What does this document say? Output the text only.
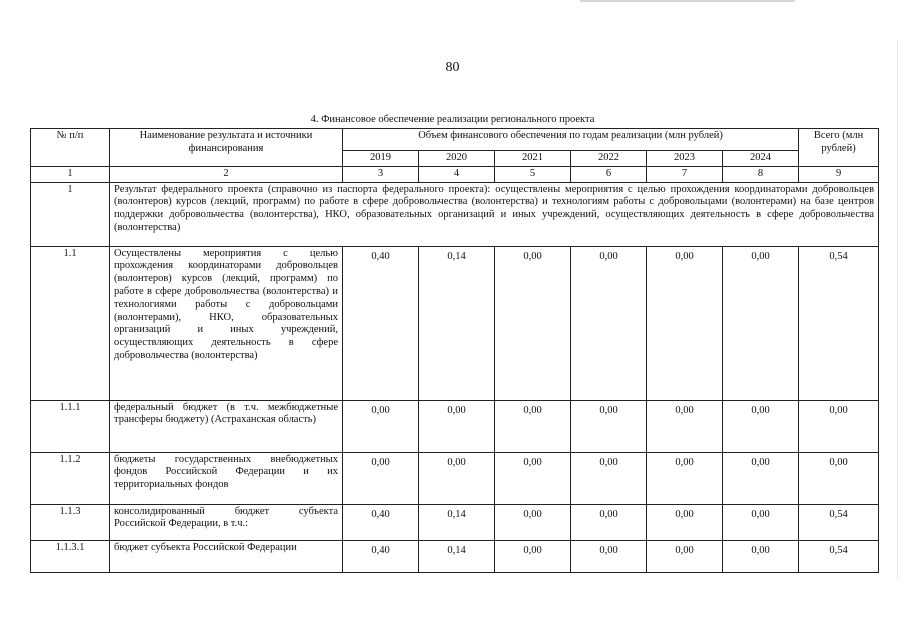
80
4. Финансовое обеспечение реализации регионального проекта
№ п/п	Наименование результата и источники финансирования	Объем финансового обеспечения по годам реализации (млн рублей)						Всего (млн рублей)
		2019	2020	2021	2022	2023	2024	
1	2	3	4	5	6	7	8	9
1	Результат федерального проекта (справочно из паспорта федерального проекта): осуществлены мероприятия с целью прохождения координаторами добровольцев (волонтеров) курсов (лекций, программ) по работе в сфере добровольчества (волонтерства) и технологиям работы с добровольцами (волонтерами) на базе центров поддержки добровольчества (волонтерства), НКО, образовательных организаций и иных учреждений, осуществляющих деятельность в сфере добровольчества (волонтерства)							
1.1	Осуществлены мероприятия с целью прохождения координаторами добровольцев (волонтеров) курсов (лекций, программ) по работе в сфере добровольчества (волонтерства) и технологиями работы с добровольцами (волонтерами), НКО, образовательных организаций и иных учреждений, осуществляющих деятельность в сфере добровольчества (волонтерства)	0,40	0,14	0,00	0,00	0,00	0,00	0,54
1.1.1	федеральный бюджет (в т.ч. межбюджетные трансферы бюджету) (Астраханская область)	0,00	0,00	0,00	0,00	0,00	0,00	0,00
1.1.2	бюджеты государственных внебюджетных фондов Российской Федерации и их территориальных фондов	0,00	0,00	0,00	0,00	0,00	0,00	0,00
1.1.3	консолидированный бюджет субъекта Российской Федерации, в т.ч.:	0,40	0,14	0,00	0,00	0,00	0,00	0,54
1.1.3.1	бюджет субъекта Российской Федерации	0,40	0,14	0,00	0,00	0,00	0,00	0,54
